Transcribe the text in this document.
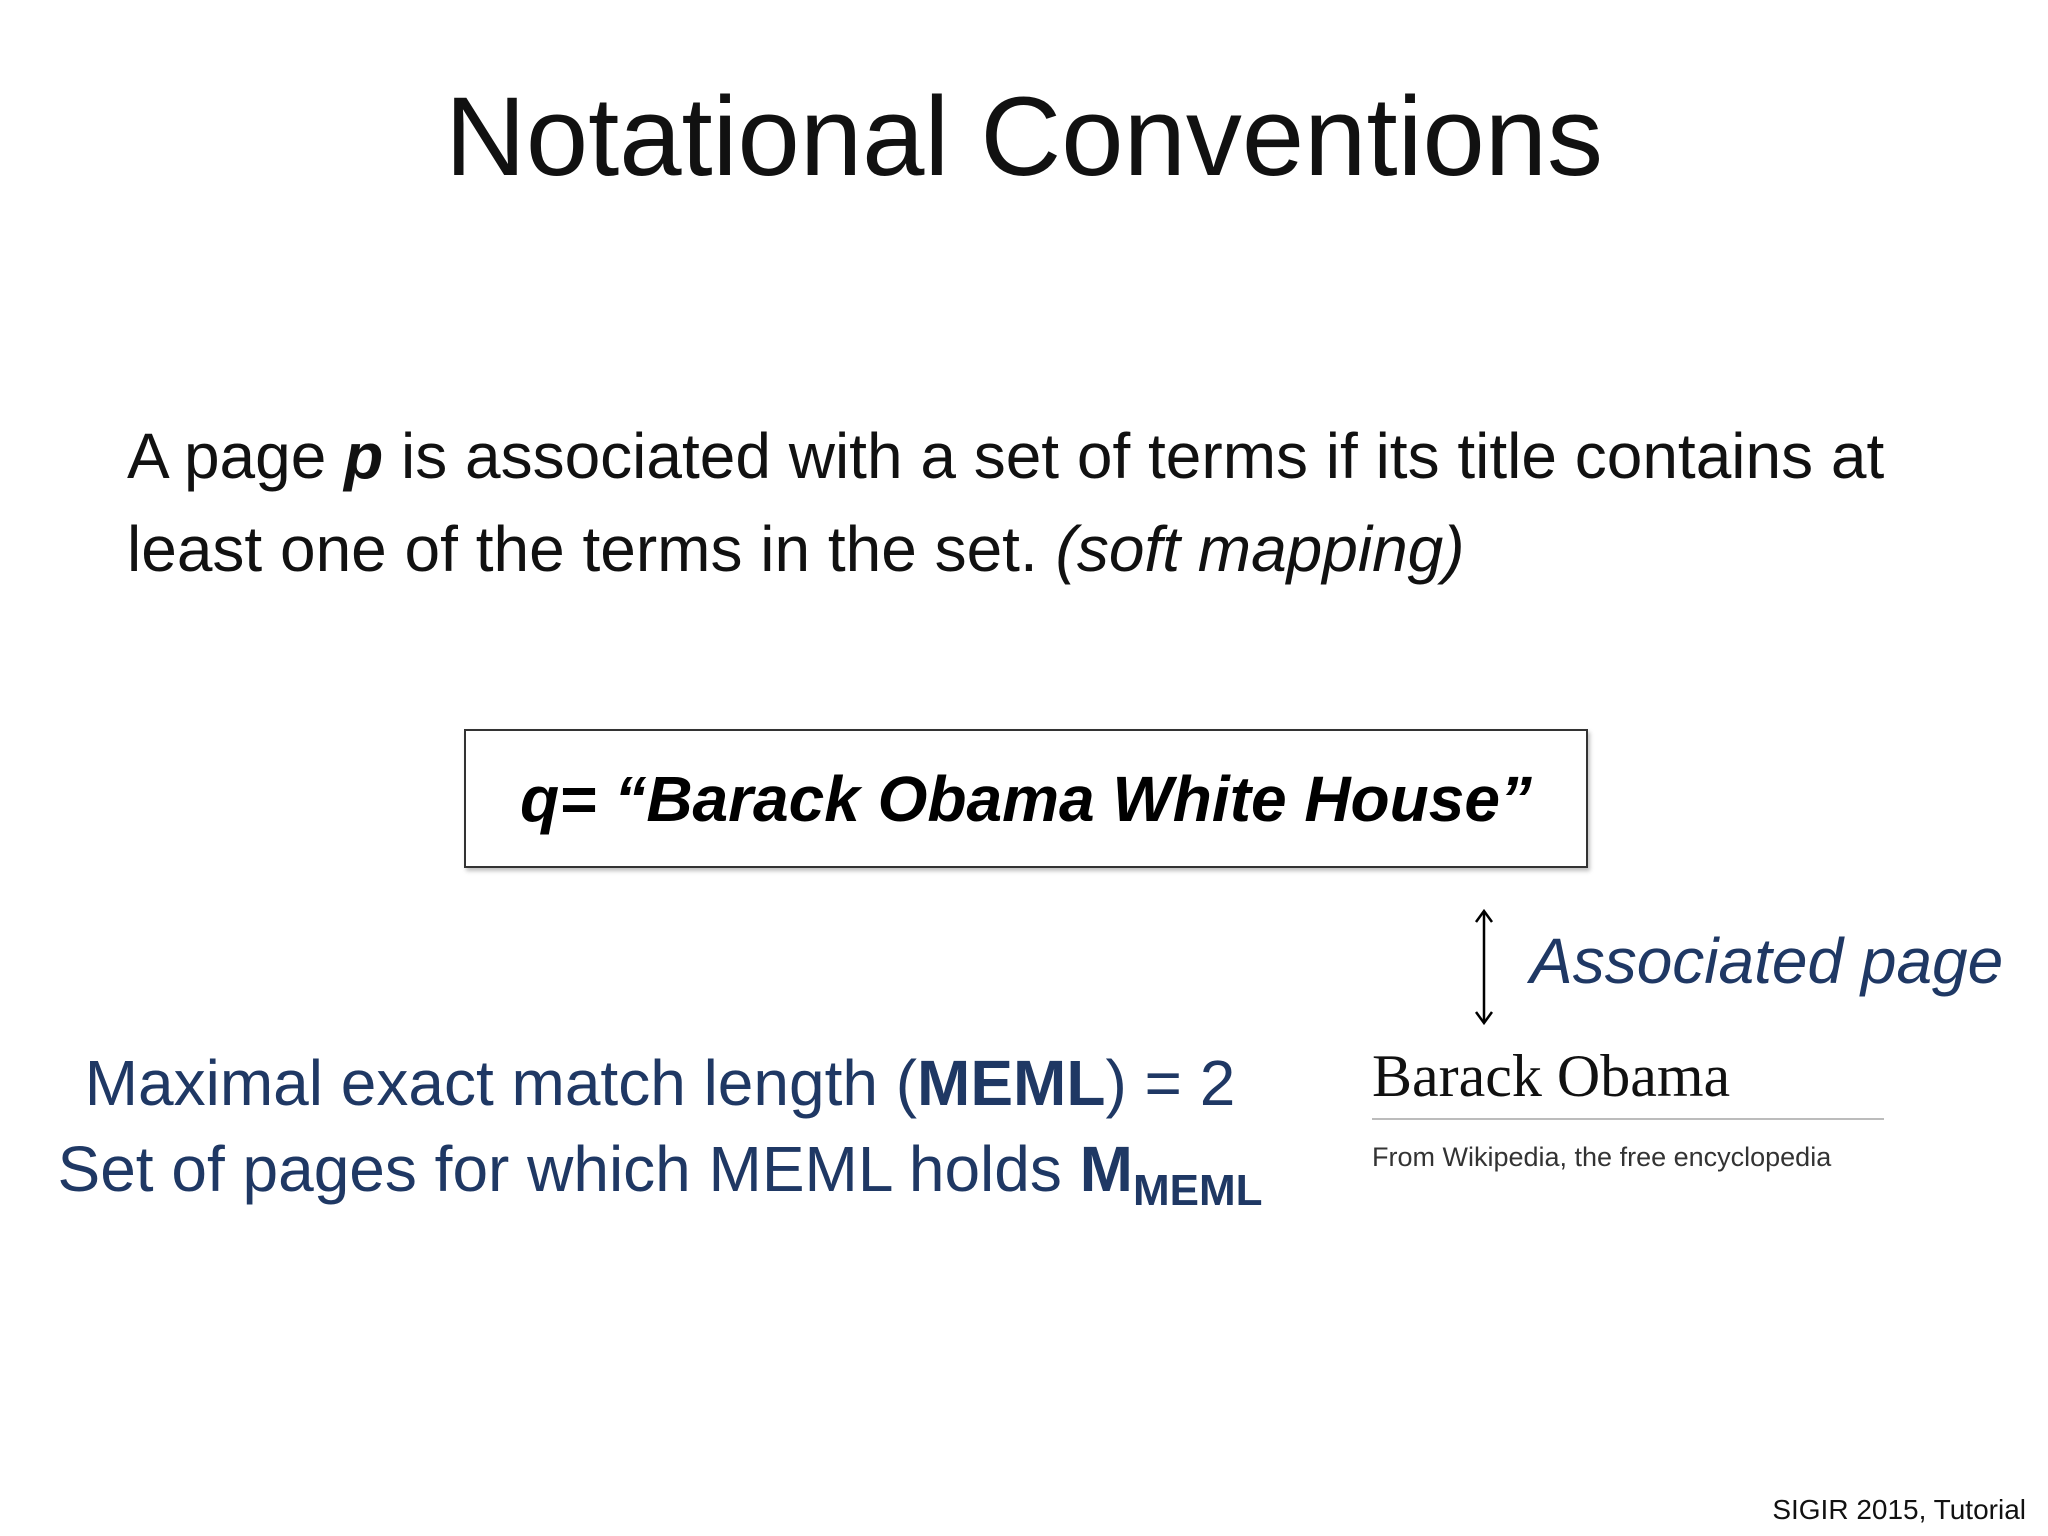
Notational Conventions
A page p is associated with a set of terms if its title contains at least one of the terms in the set. (soft mapping)
q= “Barack Obama White House”
Associated page
Maximal exact match length (MEML) = 2
Set of pages for which MEML holds $M_{MEML}$
Barack Obama
From Wikipedia, the free encyclopedia
SIGIR 2015, Tutorial
